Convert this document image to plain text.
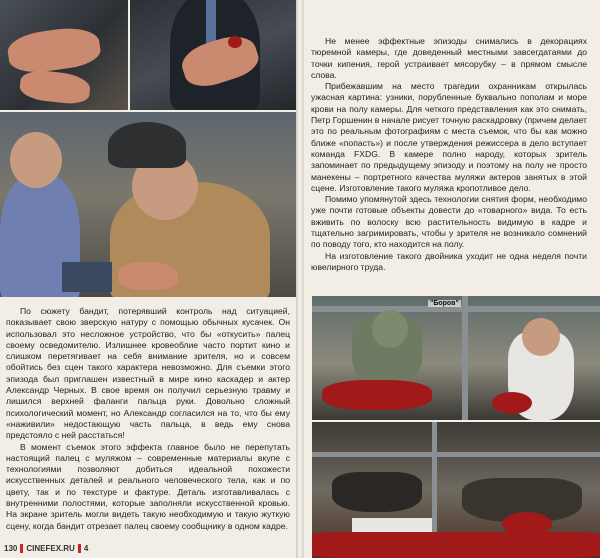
Не менее эффектные эпизоды снимались в декорациях тюремной камеры, где доведенный местными завсегдатаями до точки кипения, герой устраивает мясорубку – в прямом смысле слова.

Прибежавшим на место трагедии охранникам открылась ужасная картина: узники, порубленные буквально пополам и море крови на полу камеры. Для четкого представления как это снимать, Петр Горшенин в начале рисует точную раскадровку (причем делает это по реальным фотографиям с места съемок, что бы как можно ближе «попасть») и после утверждения режиссера в дело вступает команда FXDG. В камере полно народу, которых зритель запоминает по предыдущему эпизоду и поэтому на полу не просто манекены – портретного качества муляжи актеров занятых в этой сцене. Изготовление такого муляжа кропотливое дело.

Помимо упомянутой здесь технологии снятия форм, необходимо уже почти готовые объекты довести до «товарного» вида. То есть вживить по волоску всю растительность видимую в кадре и тщательно загримировать, чтобы у зрителя не возникало сомнений по поводу того, кто находится на полу.

На изготовление такого двойника уходит не одна неделя почти ювелирного труда.

По сюжету бандит, потерявший контроль над ситуацией, показывает свою зверскую натуру с помощью обычных кусачек. Он использовал это несложное устройство, что бы «откусить» палец своему осведомителю. Излишнее кровеоблие часто портит кино и слишком перетягивает на себя внимание зрителя, но и совсем обойтись без сцен такого характера невозможно. Для съемки этого эпизода был приглашен известный в мире кино каскадер и актер Александр Черных. В свое время он получил серьезную травму и лишился верхней фаланги пальца руки. Довольно сложный психологический момент, но Александр согласился на то, что бы ему «наживили» недостающую часть пальца, в ведь ему снова предстояло с ней расстаться!

В момент съемок этого эффекта главное было не перепутать настоящий палец с муляжом – современные материалы вкупе с технологиями позволяют добиться идеальной похожести искусственных деталей и реального человеческого тела, как и по цвету, так и по текстуре и фактуре. Деталь изготавливалась с внутренними полостями, которые заполняли искусственной кровью. На экране зритель могли видеть такую необходимую и такую жуткую сцену, когда бандит отрезает палец своему сообщнику в одном кадре.

"Боров"
130 CINEFEX.RU 4
